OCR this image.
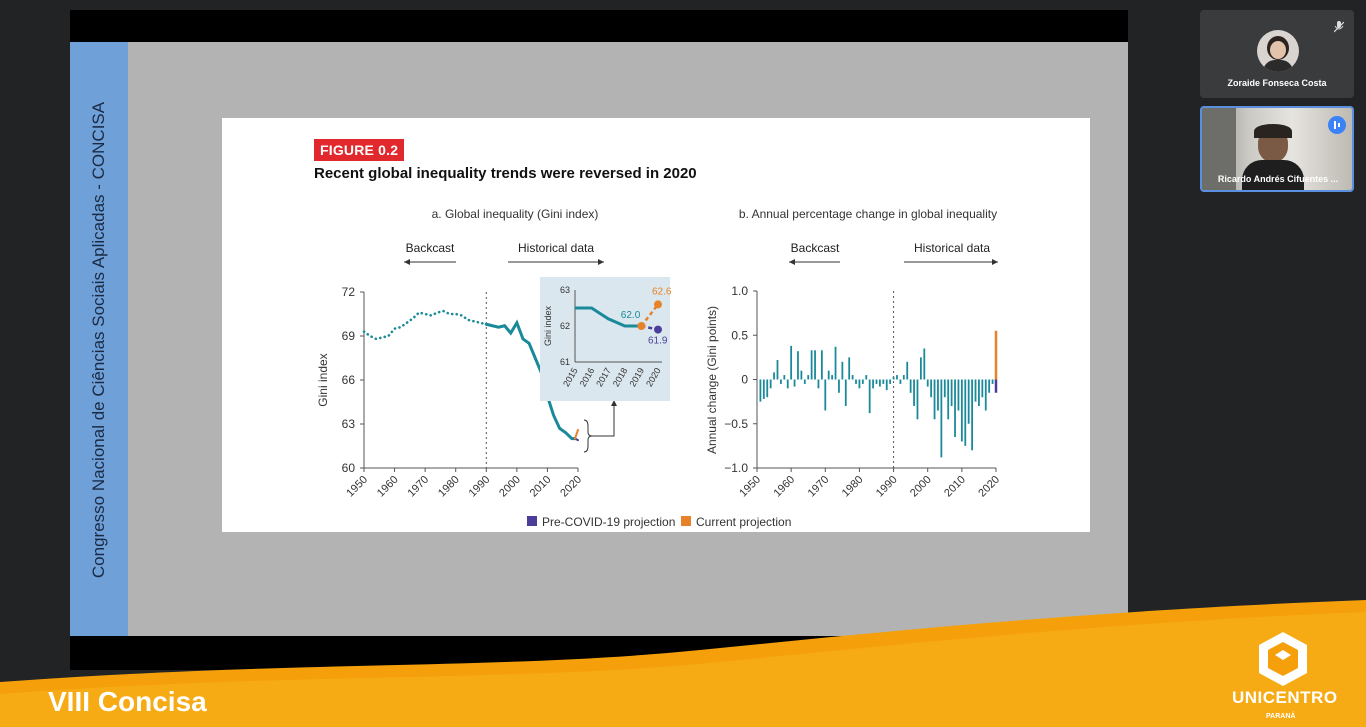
Congresso Nacional de Ciências Sociais Aplicadas - CONCISA	FIGURE 0.2
Recent global inequality trends were reversed in 2020
a. Global inequality (Gini index)
Backcast	Historical data
72
69
66
63
60
1950 1960 1970 1980 1990 2000 2010 2020
Gini index
63
62
61
2015
2016
2017
2018
2019
2020
Gini index
62.6
62.0
61.9
b. Annual percentage change in global inequality
Backcast	Historical data
1.0
0.5
0
−0.5
−1.0
1950 1960 1970 1980 1990 2000 2010 2020
Annual change (Gini points)
Pre-COVID-19 projection Current projection
Zoraide Fonseca Costa
Ricardo Andrés Cifuentes ...
VIII Concisa	UNICENTRO
PARANÁ
